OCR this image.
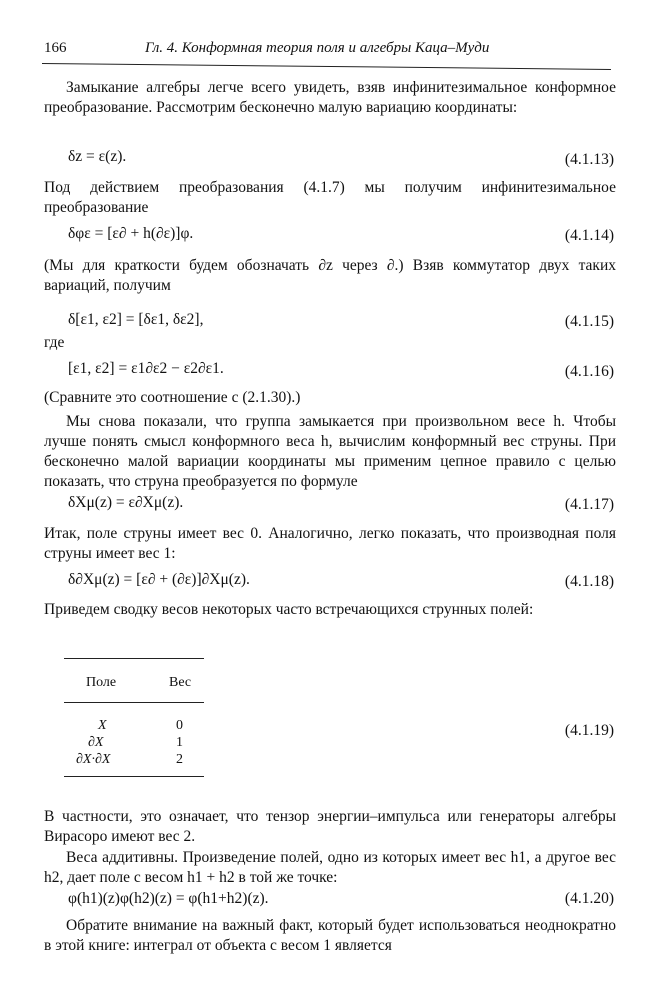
166	Гл. 4. Конформная теория поля и алгебры Каца–Муди

Замыкание алгебры легче всего увидеть, взяв инфинитезимальное конформное преобразование. Рассмотрим бесконечно малую вариацию координаты:

δz = ε(z).	(4.1.13)

Под действием преобразования (4.1.7) мы получим инфинитезимальное преобразование

δφε = [ε∂ + h(∂ε)]φ.	(4.1.14)

(Мы для краткости будем обозначать ∂z через ∂.) Взяв коммутатор двух таких вариаций, получим

δ[ε1, ε2] = [δε1, δε2],	(4.1.15)

где

[ε1, ε2] = ε1∂ε2 − ε2∂ε1.	(4.1.16)

(Сравните это соотношение с (2.1.30).)

Мы снова показали, что группа замыкается при произвольном весе h. Чтобы лучше понять смысл конформного веса h, вычислим конформный вес струны. При бесконечно малой вариации координаты мы применим цепное правило с целью показать, что струна преобразуется по формуле

δXμ(z) = ε∂Xμ(z).	(4.1.17)

Итак, поле струны имеет вес 0. Аналогично, легко показать, что производная поля струны имеет вес 1:

δ∂Xμ(z) = [ε∂ + (∂ε)]∂Xμ(z).	(4.1.18)

Приведем сводку весов некоторых часто встречающихся струнных полей:

Поле	Вес
X	0
∂X	1
∂X·∂X	2
(4.1.19)

В частности, это означает, что тензор энергии–импульса или генераторы алгебры Вирасоро имеют вес 2.

Веса аддитивны. Произведение полей, одно из которых имеет вес h1, а другое вес h2, дает поле с весом h1 + h2 в той же точке:

φ(h1)(z)φ(h2)(z) = φ(h1+h2)(z).	(4.1.20)

Обратите внимание на важный факт, который будет использоваться неоднократно в этой книге: интеграл от объекта с весом 1 является
